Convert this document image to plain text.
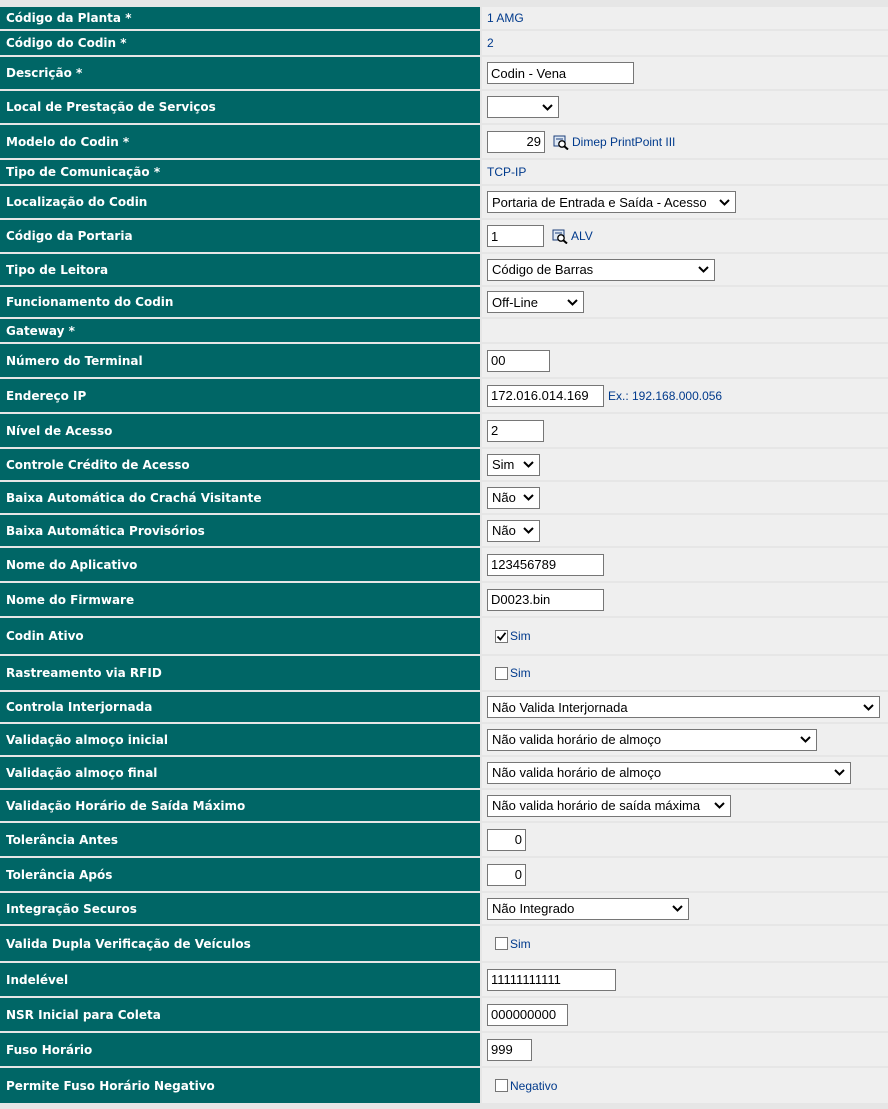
Código da Planta *	1 AMG
Código do Codin *	2
Descrição *	Codin - Vena
Local de Prestação de Serviços
Modelo do Codin *	29	Dimep PrintPoint III
Tipo de Comunicação *	TCP-IP
Localização do Codin	Portaria de Entrada e Saída - Acesso
Código da Portaria	1	ALV
Tipo de Leitora	Código de Barras
Funcionamento do Codin	Off-Line
Gateway *
Número do Terminal	00
Endereço IP	172.016.014.169	Ex.: 192.168.000.056
Nível de Acesso	2
Controle Crédito de Acesso	Sim
Baixa Automática do Crachá Visitante	Não
Baixa Automática Provisórios	Não
Nome do Aplicativo	123456789
Nome do Firmware	D0023.bin
Codin Ativo	Sim
Rastreamento via RFID	Sim
Controla Interjornada	Não Valida Interjornada
Validação almoço inicial	Não valida horário de almoço
Validação almoço final	Não valida horário de almoço
Validação Horário de Saída Máximo	Não valida horário de saída máxima
Tolerância Antes	0
Tolerância Após	0
Integração Securos	Não Integrado
Valida Dupla Verificação de Veículos	Sim
Indelével	11111111111
NSR Inicial para Coleta	000000000
Fuso Horário	999
Permite Fuso Horário Negativo	Negativo
